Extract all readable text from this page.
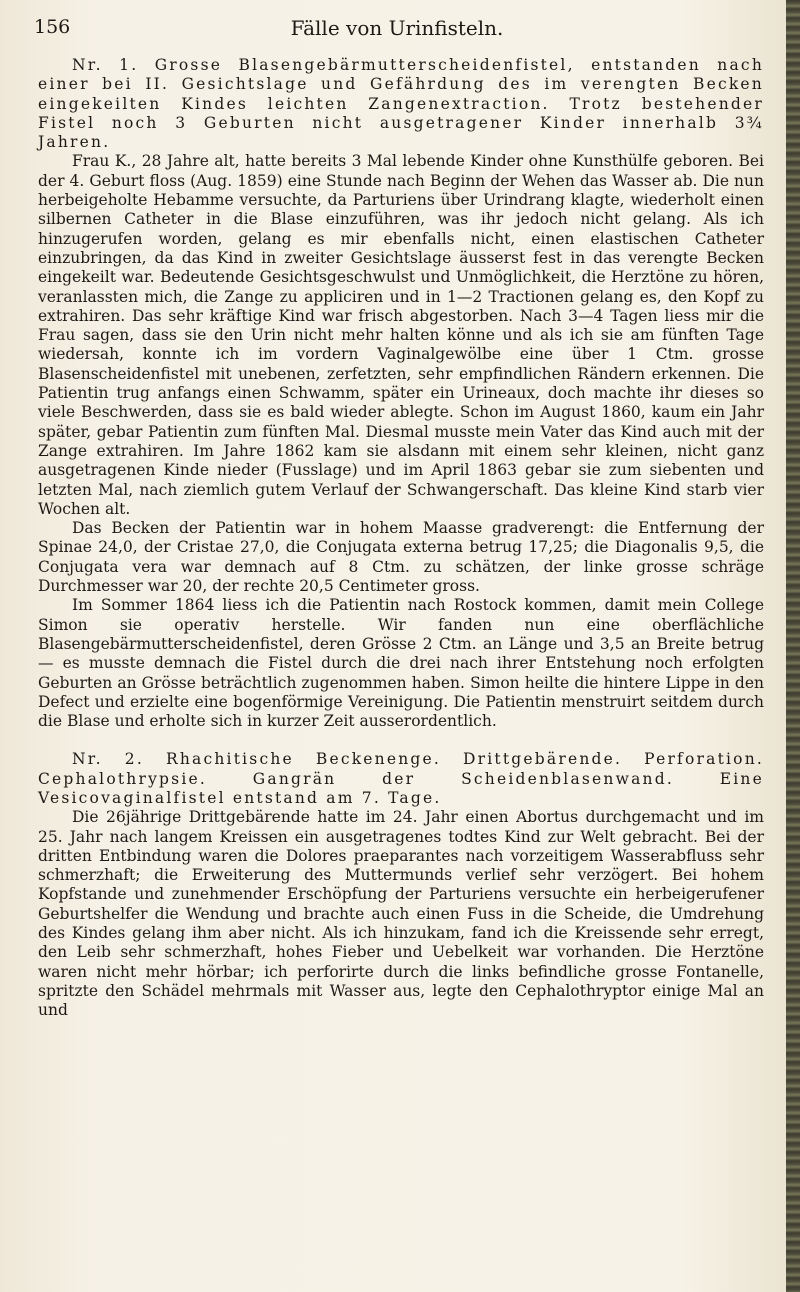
156	Fälle von Urinfisteln.

Nr. 1. Grosse Blasengebärmutterscheidenfistel, entstanden nach einer bei II. Gesichtslage und Gefährdung des im verengten Becken eingekeilten Kindes leichten Zangenextraction. Trotz bestehender Fistel noch 3 Geburten nicht ausgetragener Kinder innerhalb 3¾ Jahren.

Frau K., 28 Jahre alt, hatte bereits 3 Mal lebende Kinder ohne Kunsthülfe geboren. Bei der 4. Geburt floss (Aug. 1859) eine Stunde nach Beginn der Wehen das Wasser ab. Die nun herbeigeholte Hebamme versuchte, da Parturiens über Urindrang klagte, wiederholt einen silbernen Catheter in die Blase einzuführen, was ihr jedoch nicht gelang. Als ich hinzugerufen worden, gelang es mir ebenfalls nicht, einen elastischen Catheter einzubringen, da das Kind in zweiter Gesichtslage äusserst fest in das verengte Becken eingekeilt war. Bedeutende Gesichtsgeschwulst und Unmöglichkeit, die Herztöne zu hören, veranlassten mich, die Zange zu appliciren und in 1—2 Tractionen gelang es, den Kopf zu extrahiren. Das sehr kräftige Kind war frisch abgestorben. Nach 3—4 Tagen liess mir die Frau sagen, dass sie den Urin nicht mehr halten könne und als ich sie am fünften Tage wiedersah, konnte ich im vordern Vaginalgewölbe eine über 1 Ctm. grosse Blasenscheidenfistel mit unebenen, zerfetzten, sehr empfindlichen Rändern erkennen. Die Patientin trug anfangs einen Schwamm, später ein Urineaux, doch machte ihr dieses so viele Beschwerden, dass sie es bald wieder ablegte. Schon im August 1860, kaum ein Jahr später, gebar Patientin zum fünften Mal. Diesmal musste mein Vater das Kind auch mit der Zange extrahiren. Im Jahre 1862 kam sie alsdann mit einem sehr kleinen, nicht ganz ausgetragenen Kinde nieder (Fusslage) und im April 1863 gebar sie zum siebenten und letzten Mal, nach ziemlich gutem Verlauf der Schwangerschaft. Das kleine Kind starb vier Wochen alt.

Das Becken der Patientin war in hohem Maasse gradverengt: die Entfernung der Spinae 24,0, der Cristae 27,0, die Conjugata externa betrug 17,25; die Diagonalis 9,5, die Conjugata vera war demnach auf 8 Ctm. zu schätzen, der linke grosse schräge Durchmesser war 20, der rechte 20,5 Centimeter gross.

Im Sommer 1864 liess ich die Patientin nach Rostock kommen, damit mein College Simon sie operativ herstelle. Wir fanden nun eine oberflächliche Blasengebärmutterscheidenfistel, deren Grösse 2 Ctm. an Länge und 3,5 an Breite betrug — es musste demnach die Fistel durch die drei nach ihrer Entstehung noch erfolgten Geburten an Grösse beträchtlich zugenommen haben. Simon heilte die hintere Lippe in den Defect und erzielte eine bogenförmige Vereinigung. Die Patientin menstruirt seitdem durch die Blase und erholte sich in kurzer Zeit ausserordentlich.

Nr. 2. Rhachitische Beckenenge. Drittgebärende. Perforation. Cephalothrypsie. Gangrän der Scheidenblasenwand. Eine Vesicovaginalfistel entstand am 7. Tage.

Die 26jährige Drittgebärende hatte im 24. Jahr einen Abortus durchgemacht und im 25. Jahr nach langem Kreissen ein ausgetragenes todtes Kind zur Welt gebracht. Bei der dritten Entbindung waren die Dolores praeparantes nach vorzeitigem Wasserabfluss sehr schmerzhaft; die Erweiterung des Muttermunds verlief sehr verzögert. Bei hohem Kopfstande und zunehmender Erschöpfung der Parturiens versuchte ein herbeigerufener Geburtshelfer die Wendung und brachte auch einen Fuss in die Scheide, die Umdrehung des Kindes gelang ihm aber nicht. Als ich hinzukam, fand ich die Kreissende sehr erregt, den Leib sehr schmerzhaft, hohes Fieber und Uebelkeit war vorhanden. Die Herztöne waren nicht mehr hörbar; ich perforirte durch die links befindliche grosse Fontanelle, spritzte den Schädel mehrmals mit Wasser aus, legte den Cephalothryptor einige Mal an und
